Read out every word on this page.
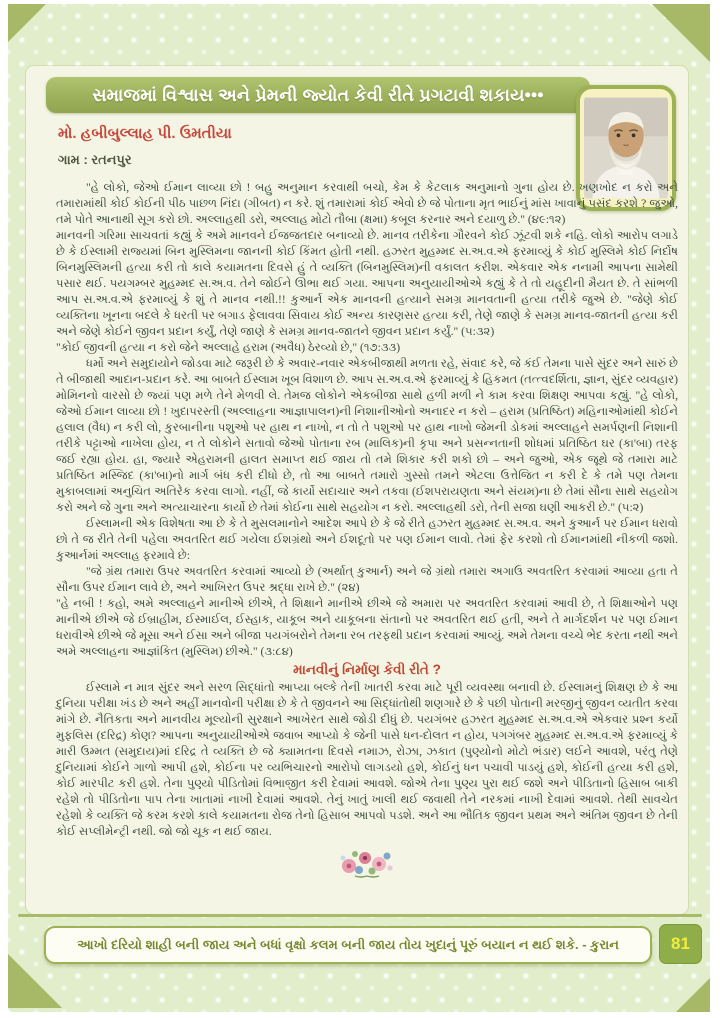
સમાજમાં વિશ્વાસ અને પ્રેમની જ્યોત કેવી રીતે પ્રગટાવી શકાય•••
મો. હબીબુલ્લાહ પી. ઉમતીયા
ગામ : રતનપુર

"હે લોકો, જેઓ ઈમાન લાવ્યા છો ! બહુ અનુમાન કરવાથી બચો, કેમ કે કેટલાક અનુમાનો ગુના હોય છે. ખણખોદ ન કરો અને તમારામાંથી કોઈ કોઈની પીઠ પાછળ નિંદા (ગીબત) ન કરે. શું તમારામાં કોઈ એવો છે જે પોતાના મૃત ભાઈનું માંસ ખાવાનું પસંદ કરશે ? જુઓ, તમે પોતે આનાથી સૂગ કરો છો. અલ્લાહથી ડરો, અલ્લાહ મોટો તૌબા (ક્ષમા) કબૂલ કરનાર અને દયાળુ છે." (૪૯:૧૨)

માનવની ગરિમા સાચવતાં કહ્યું કે અમે માનવને ઈજજતદાર બનાવ્યો છે. માનવ તરીકેના ગૌરવને કોઈ ઝૂંટવી શકે નહિ. લોકો આરોપ લગાડે છે કે ઈસ્લામી રાજ્યમાં બિન મુસ્લિમના જાનની કોઈ કિંમત હોતી નથી. હઝરત મુહમ્મદ સ.અ.વ.એ ફરમાવ્યું કે કોઈ મુસ્લિમે કોઈ નિર્દોષ બિનમુસ્લિમની હત્યા કરી તો કાલે કયામતના દિવસે હું તે વ્યક્તિ (બિનમુસ્લિમ)ની વકાલત કરીશ. એકવાર એક નનામી આપના સામેથી પસાર થઈ. પયગમ્બર મુહમ્મદ સ.અ.વ. તેને જોઈને ઊભા થઈ ગયા. આપના અનુયાયીઓએ કહ્યું કે તે તો યહૂદીની મૈયત છે. તે સાંભળી આપ સ.અ.વ.એ ફરમાવ્યું કે શું તે માનવ નથી.!! કુઆર્ન એક માનવની હત્યાને સમગ્ર માનવતાની હત્યા તરીકે જુએ છે. "જેણે કોઈ વ્યક્તિના ખૂનના બદલે કે ધરતી પર બગાડ ફેલાવવા સિવાય કોઈ અન્ય કારણસર હત્યા કરી, તેણે જાણે કે સમગ્ર માનવ-જાતની હત્યા કરી અને જેણે કોઈને જીવન પ્રદાન કર્યું, તેણે જાણે કે સમગ્ર માનવ-જાતને જીવન પ્રદાન કર્યું." (૫:૩૨)

"કોઈ જીવની હત્યા ન કરો જેને અલ્લાહે હરામ (અવૈધ) ઠેરવ્યો છે," (૧૭:૩૩)

ધર્મો અને સમુદાયોને જોડવા માટે જરૂરી છે કે અવાર-નવાર એકબીજાથી મળતા રહે, સંવાદ કરે, જે કંઈ તેમના પાસે સુંદર અને સારું છે તે બીજાથી આદાન-પ્રદાન કરે. આ બાબતે ઈસ્લામ ખૂબ વિશાળ છે. આપ સ.અ.વ.એ ફરમાવ્યું કે હિકમત (તત્ત્વદર્શિતા, જ્ઞાન, સુંદર વ્યવહાર) મોમિનનો વારસો છે જ્યાં પણ મળે તેને મેળવી લે. તેમજ લોકોને એકબીજા સાથે હળી મળી ને કામ કરવા શિક્ષણ આપવા કહ્યું. "હે લોકો, જેઓ ઈમાન લાવ્યા છો ! ખુદાપરસ્તી (અલ્લાહના આજ્ઞાપાલન)ની નિશાનીઓનો અનાદર ન કરો – હરામ (પ્રતિષ્ઠિત) મહિનાઓમાંથી કોઈને હલાલ (વૈધ) ન કરી લો, કુરબાનીના પશુઓ પર હાથ ન નાખો, ન તો તે પશુઓ પર હાથ નાખો જેમની ડોકમાં અલ્લાહને સમર્પણની નિશાની તરીકે પટ્ટાઓ નાખેલા હોય, ન તે લોકોને સતાવો જેઓ પોતાના રબ (માલિક)ની કૃપા અને પ્રસન્નતાની શોધમાં પ્રતિષ્ઠિત ઘર (કા'બા) તરફ જઈ રહ્યા હોય. હા, જ્યારે એહરામની હાલત સમાપ્ત થઈ જાય તો તમે શિકાર કરી શકો છો – અને જુઓ, એક જૂથે જે તમારા માટે પ્રતિષ્ઠિત મસ્જિદ (કા'બા)નો માર્ગ બંધ કરી દીધો છે, તો આ બાબતે તમારો ગુસ્સો તમને એટલા ઉત્તેજિત ન કરી દે કે તમે પણ તેમના મુકાબલામાં અનુચિત અતિરેક કરવા લાગો. નહીં, જે કાર્યો સદાચાર અને તકવા (ઈશપરાયણતા અને સંયમ)ના છે તેમાં સૌના સાથે સહયોગ કરો અને જે ગુના અને અત્યાચારના કાર્યો છે તેમાં કોઈના સાથે સહયોગ ન કરો. અલ્લાહથી ડરો, તેની સજા ઘણી આકરી છે." (૫:૨)

ઈસ્લામની એક વિશેષતા આ છે કે તે મુસલમાનોને આદેશ આપે છે કે જે રીતે હઝરત મુહમ્મદ સ.અ.વ. અને કુઆર્ન પર ઈમાન ધરાવો છો તે જ રીતે તેની પહેલા અવતરિત થઈ ગયેલા ઈશગ્રંથો અને ઈશદૂતો પર પણ ઈમાન લાવો. તેમાં ફેર કરશો તો ઈમાનમાંથી નીકળી જશો. કુઆર્નમાં અલ્લાહ ફરમાવે છે:

"જે ગ્રંથ તમારા ઉપર અવતરિત કરવામાં આવ્યો છે (અર્થાત્ કુઆર્ન) અને જે ગ્રંથો તમારા અગાઉ અવતરિત કરવામાં આવ્યા હતા તે સૌના ઉપર ઈમાન લાવે છે, અને આખિરત ઉપર શ્રદ્ધા રાખે છે." (૨૪)

"હે નબી ! કહો, અમે અલ્લાહને માનીએ છીએ, તે શિક્ષાને માનીએ છીએ જે અમારા પર અવતરિત કરવામાં આવી છે, તે શિક્ષાઓને પણ માનીએ છીએ જે ઈબ્રાહીમ, ઈસ્માઈલ, ઈસ્હાક, યાકૂબ અને યાકૂબના સંતાનો પર અવતરિત થઈ હતી, અને તે માર્ગદર્શન પર પણ ઈમાન ધરાવીએ છીએ જે મૂસા અને ઈસા અને બીજા પયગંબરોને તેમના રબ તરફથી પ્રદાન કરવામાં આવ્યું. અમે તેમના વચ્ચે ભેદ કરતા નથી અને અમે અલ્લાહના આજ્ઞાંકિત (મુસ્લિમ) છીએ." (૩:૮૪)

માનવીનું નિર્માણ કેવી રીતે ?

ઈસ્લામે ન માત્ર સુંદર અને સરળ સિદ્ધાંતો આપ્યા બલ્કે તેની ખાતરી કરવા માટે પૂરી વ્યવસ્થા બનાવી છે. ઈસ્લામનું શિક્ષણ છે કે આ દુનિયા પરીક્ષા ખંડ છે અને અહીં માનવોની પરીક્ષા છે કે તે જીવનને આ સિદ્ધાંતોથી શણગારે છે કે પછી પોતાની મરજીનું જીવન વ્યતીત કરવા માંગે છે. નૈતિકતા અને માનવીય મૂલ્યોની સુરક્ષાને આખેરત સાથે જોડી દીધું છે. પયગંબર હઝરત મુહમ્મદ સ.અ.વ.એ એકવાર પ્રશ્ન કર્યો મુફલિસ (દરિદ્ર) કોણ? આપના અનુયાયીઓએ જવાબ આપ્યો કે જેની પાસે ધન-દોલત ન હોય, પગગંબર મુહમ્મદ સ.અ.વ.એ ફરમાવ્યું કે મારી ઉમ્મત (સમુદાય)માં દરિદ્ર તે વ્યક્તિ છે જે ક્યામતના દિવસે નમાઝ, રોઝા, ઝકાત (પુણ્યોનો મોટો ભંડાર) લઈને આવશે, પરંતુ તેણે દુનિયામાં કોઈને ગાળો આપી હશે, કોઈના પર વ્યભિચારનો આરોપો લાગડયો હશે, કોઈનું ધન પચાવી પાડયું હશે, કોઈની હત્યા કરી હશે, કોઈ મારપીટ કરી હશે. તેના પુણ્યો પીડિતોમાં વિભાજીત કરી દેવામાં આવશે. જોએ તેના પુણ્ય પુરા થઈ જશે અને પીડિતાનો હિસાબ બાકી રહેશે તો પીડિતોના પાપ તેના ખાતામાં નાખી દેવામાં આવશે. તેનું ખાતું ખાલી થઈ જવાથી તેને નરકમાં નાખી દેવામાં આવશે. તેથી સાવચેત રહેશો કે વ્યક્તિ જે કરમ કરશે કાલે કયામતના રોજ તેનો હિસાબ આપવો પડશે. અને આ ભૌતિક જીવન પ્રથમ અને અંતિમ જીવન છે તેની કોઈ સપ્લીમેન્ટ્રી નથી. જો જો ચૂક ન થઈ જાય.

આખો દરિયો શાહી બની જાય અને બધાં વૃક્ષો કલમ બની જાય તોય ખુદાનું પૂરું બયાન ન થઈ શકે. - કુરાન	81
